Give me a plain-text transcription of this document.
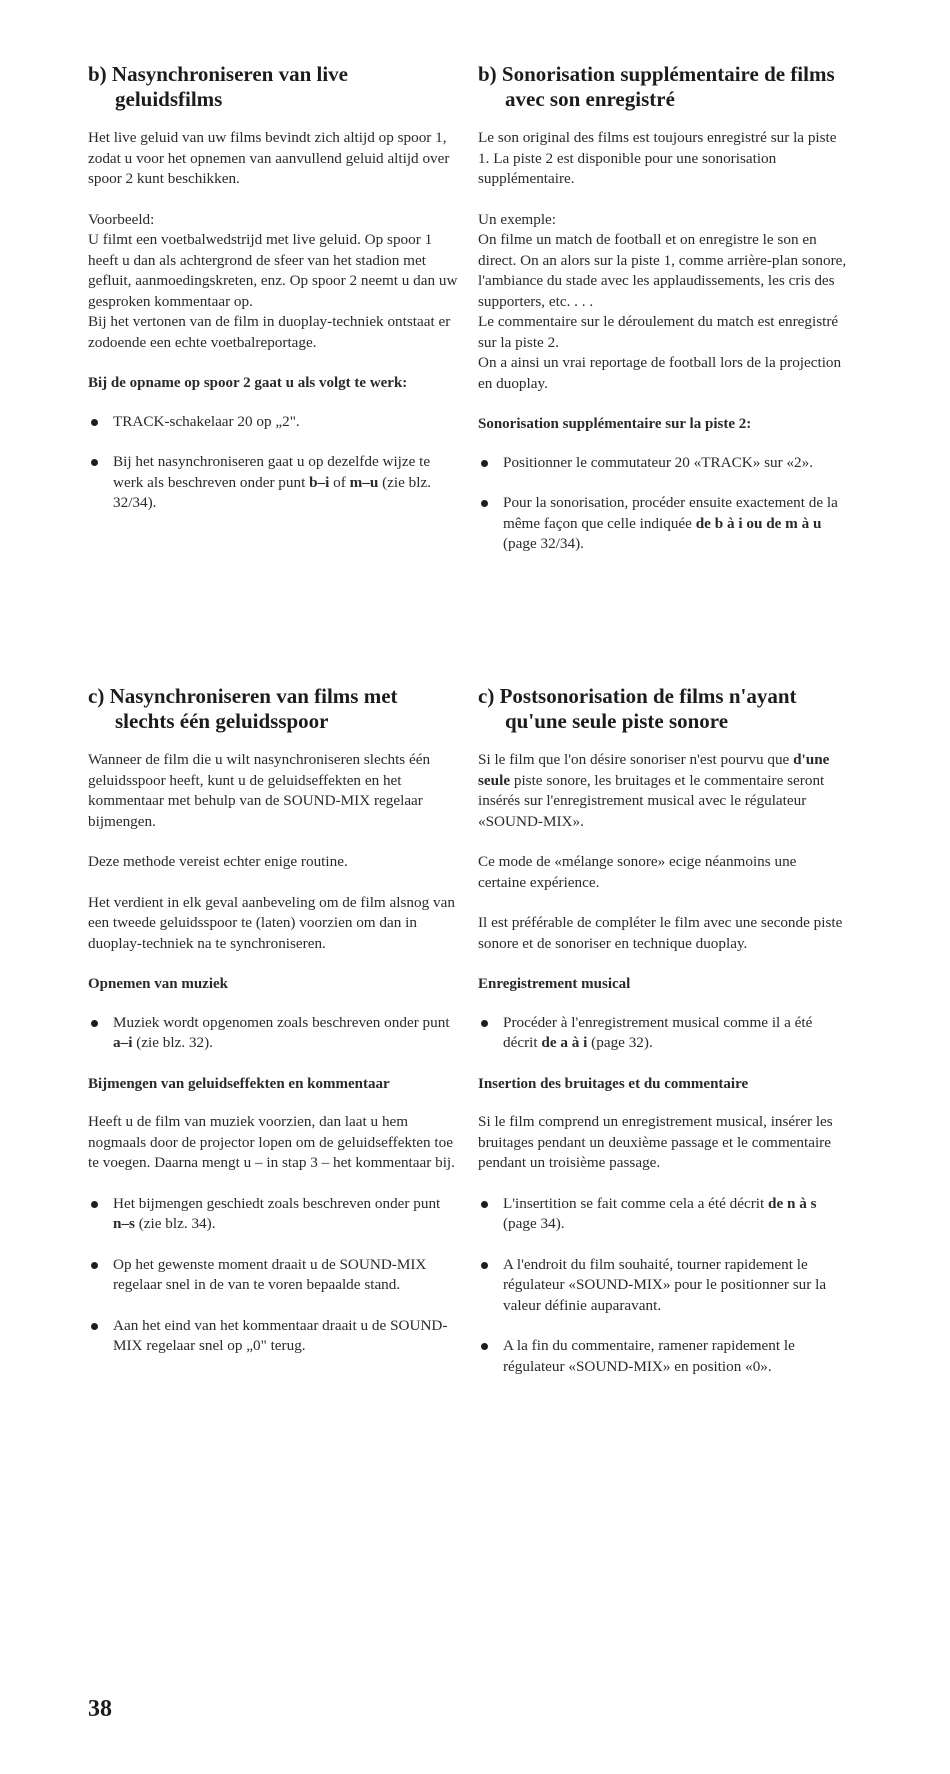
b) Nasynchroniseren van live geluidsfilms

Het live geluid van uw films bevindt zich altijd op spoor 1, zodat u voor het opnemen van aanvullend geluid altijd over spoor 2 kunt beschikken.

Voorbeeld:

U filmt een voetbalwedstrijd met live geluid. Op spoor 1 heeft u dan als achtergrond de sfeer van het stadion met gefluit, aanmoedingskreten, enz. Op spoor 2 neemt u dan uw gesproken kommentaar op.

Bij het vertonen van de film in duoplay-techniek ontstaat er zodoende een echte voetbalreportage.

Bij de opname op spoor 2 gaat u als volgt te werk:

TRACK-schakelaar 20 op „2".
Bij het nasynchroniseren gaat u op dezelfde wijze te werk als beschreven onder punt b–i of m–u (zie blz. 32/34).
b) Sonorisation supplémentaire de films avec son enregistré

Le son original des films est toujours enregistré sur la piste 1. La piste 2 est disponible pour une sonorisation supplémentaire.

Un exemple:

On filme un match de football et on enregistre le son en direct. On an alors sur la piste 1, comme arrière-plan sonore, l'ambiance du stade avec les applaudissements, les cris des supporters, etc. . . .

Le commentaire sur le déroulement du match est enregistré sur la piste 2.

On a ainsi un vrai reportage de football lors de la projection en duoplay.

Sonorisation supplémentaire sur la piste 2:

Positionner le commutateur 20 «TRACK» sur «2».
Pour la sonorisation, procéder ensuite exactement de la même façon que celle indiquée de b à i ou de m à u
(page 32/34).
c) Nasynchroniseren van films met slechts één geluidsspoor

Wanneer de film die u wilt nasynchroniseren slechts één geluidsspoor heeft, kunt u de geluidseffekten en het kommentaar met behulp van de SOUND-MIX regelaar bijmengen.

Deze methode vereist echter enige routine.

Het verdient in elk geval aanbeveling om de film alsnog van een tweede geluidsspoor te (laten) voorzien om dan in duoplay-techniek na te synchroniseren.

Opnemen van muziek

Muziek wordt opgenomen zoals beschreven onder punt a–i (zie blz. 32).

Bijmengen van geluidseffekten en kommentaar

Heeft u de film van muziek voorzien, dan laat u hem nogmaals door de projector lopen om de geluidseffekten toe te voegen. Daarna mengt u – in stap 3 – het kommentaar bij.

Het bijmengen geschiedt zoals beschreven onder punt n–s (zie blz. 34).
Op het gewenste moment draait u de SOUND-MIX regelaar snel in de van te voren bepaalde stand.
Aan het eind van het kommentaar draait u de SOUND-MIX regelaar snel op „0" terug.
c) Postsonorisation de films n'ayant qu'une seule piste sonore

Si le film que l'on désire sonoriser n'est pourvu que d'une seule piste sonore, les bruitages et le commentaire seront insérés sur l'enregistrement musical avec le régulateur «SOUND-MIX».

Ce mode de «mélange sonore» ecige néanmoins une certaine expérience.

Il est préférable de compléter le film avec une seconde piste sonore et de sonoriser en technique duoplay.

Enregistrement musical

Procéder à l'enregistrement musical comme il a été décrit de a à i (page 32).

Insertion des bruitages et du commentaire

Si le film comprend un enregistrement musical, insérer les bruitages pendant un deuxième passage et le commentaire pendant un troisième passage.

L'insertition se fait comme cela a été décrit de n à s (page 34).
A l'endroit du film souhaité, tourner rapidement le régulateur «SOUND-MIX» pour le positionner sur la valeur définie auparavant.
A la fin du commentaire, ramener rapidement le régulateur «SOUND-MIX» en position «0».
38
